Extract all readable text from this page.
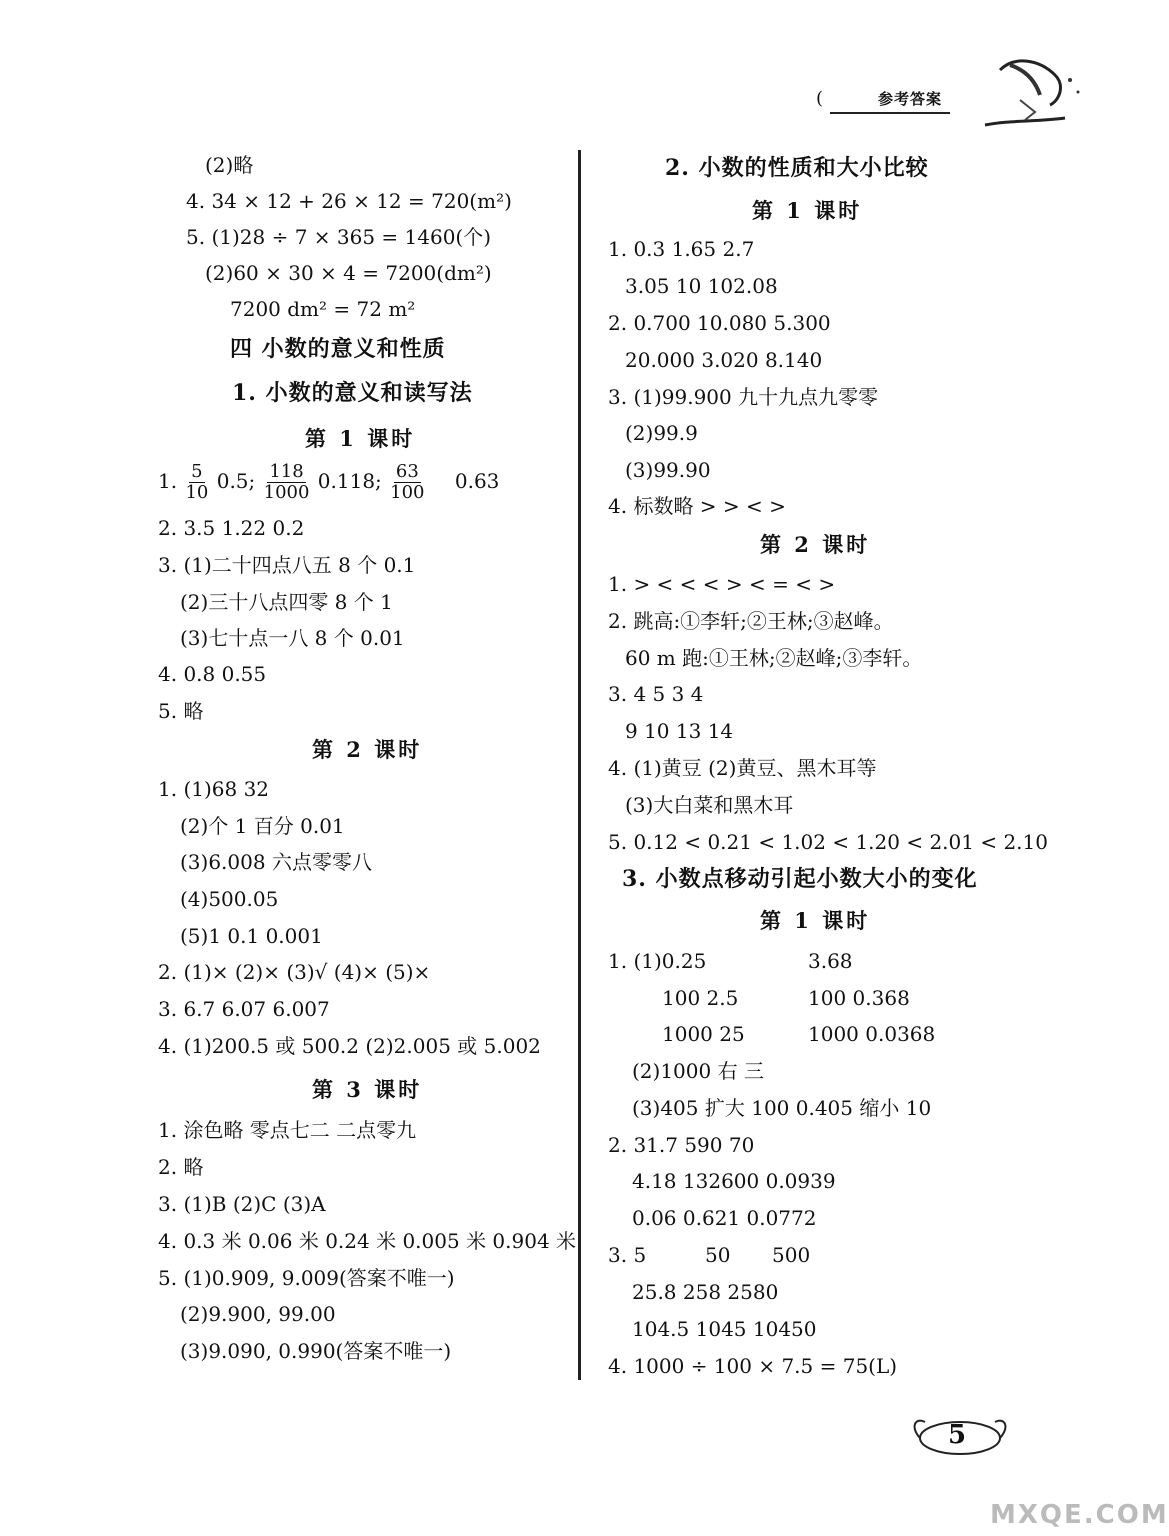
(	参考答案
(2)略
4. 34 × 12 + 26 × 12 = 720(m²)
5. (1)28 ÷ 7 × 365 = 1460(个)
(2)60 × 30 × 4 = 7200(dm²)
7200 dm² = 72 m²
四 小数的意义和性质
1. 小数的意义和读写法
第 1 课时
2. 3.5 1.22 0.2
3. (1)二十四点八五 8 个 0.1
(2)三十八点四零 8 个 1
(3)七十点一八 8 个 0.01
4. 0.8 0.55
5. 略
第 2 课时
1. (1)68 32
(2)个 1 百分 0.01
(3)6.008 六点零零八
(4)500.05
(5)1 0.1 0.001
2. (1)× (2)× (3)√ (4)× (5)×
3. 6.7 6.07 6.007
4. (1)200.5 或 500.2 (2)2.005 或 5.002
第 3 课时
1. 涂色略 零点七二 二点零九
2. 略
3. (1)B (2)C (3)A
4. 0.3 米 0.06 米 0.24 米 0.005 米 0.904 米
5. (1)0.909, 9.009(答案不唯一)
(2)9.900, 99.00
(3)9.090, 0.990(答案不唯一)
1. $\frac{5}{10} 0.5$; $\frac{118}{1000} 0.118$; $\frac{63}{100} 0.63$
2. 小数的性质和大小比较
第 1 课时
1. 0.3 1.65 2.7
3.05 10 102.08
2. 0.700 10.080 5.300
20.000 3.020 8.140
3. (1)99.900 九十九点九零零
(2)99.9
(3)99.90
4. 标数略 > > < >
第 2 课时
1. > < < < > < = < >
2. 跳高:①李轩;②王林;③赵峰。
60 m 跑:①王林;②赵峰;③李轩。
3. 4 5 3 4
9 10 13 14
4. (1)黄豆 (2)黄豆、黑木耳等
(3)大白菜和黑木耳
5. 0.12 < 0.21 < 1.02 < 1.20 < 2.01 < 2.10
3. 小数点移动引起小数大小的变化
第 1 课时
1. (1)0.25	3.68
100 2.5	100 0.368
1000 25	1000 0.0368
(2)1000 右 三
(3)405 扩大 100 0.405 缩小 10
2. 31.7 590 70
4.18 132600 0.0939
0.06 0.621 0.0772
3. 5	50 500
25.8 258 2580
104.5 1045 10450
4. 1000 ÷ 100 × 7.5 = 75(L)
5
MXQE.COM
